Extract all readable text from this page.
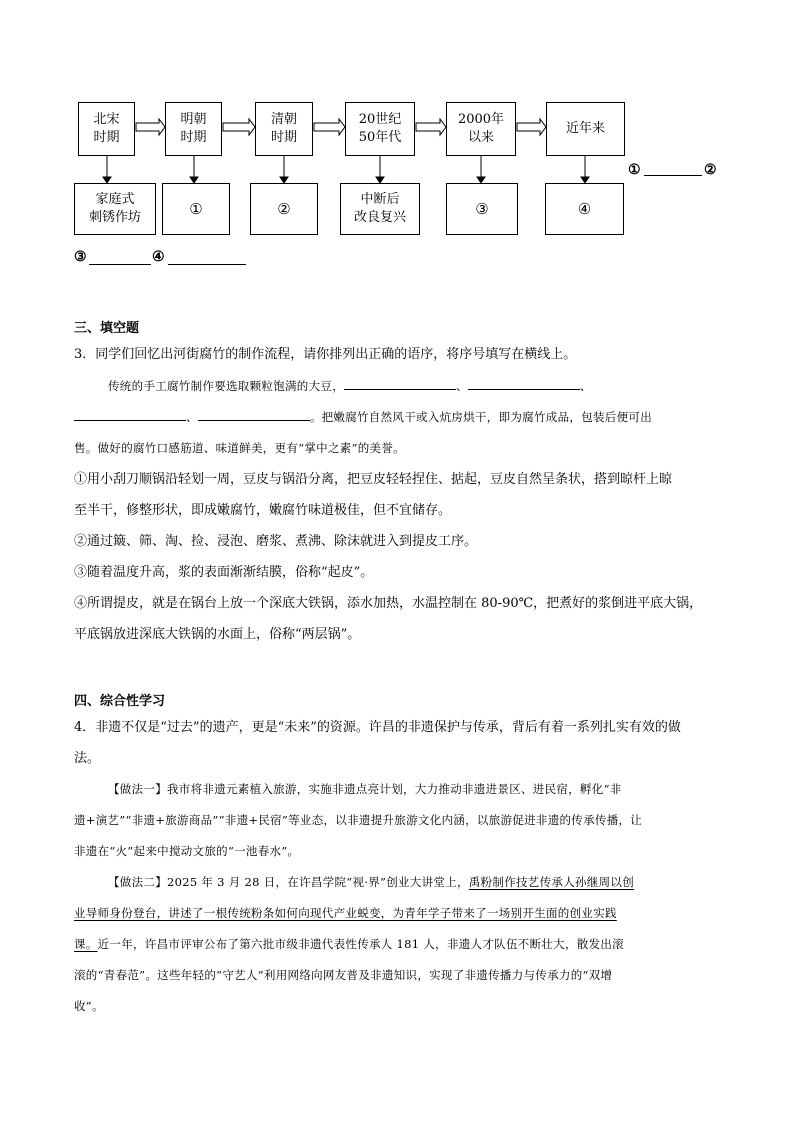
北宋
时期
明朝
时期
清朝
时期
20世纪
50年代
2000年
以来
近年来
家庭式
刺锈作坊	①	②
中断后
改良复兴	③	④
①	②
③	④
三、填空题
3．同学们回忆出河街腐竹的制作流程，请你排列出正确的语序，将序号填写在横线上。
传统的手工腐竹制作要选取颗粒饱满的大豆，	、	、
、	。把嫩腐竹自然风干或入炕房烘干，即为腐竹成品，包装后便可出
售。做好的腐竹口感筋道、味道鲜美，更有“掌中之素”的美誉。
①用小刮刀顺锅沿轻划一周，豆皮与锅沿分离，把豆皮轻轻捏住、掂起，豆皮自然呈条状，搭到晾杆上晾
至半干，修整形状，即成嫩腐竹，嫩腐竹味道极佳，但不宜储存。
②通过簸、筛、淘、捡、浸泡、磨浆、煮沸、除沫就进入到提皮工序。
③随着温度升高，浆的表面渐渐结膜，俗称“起皮”。
④所谓提皮，就是在锅台上放一个深底大铁锅，添水加热，水温控制在 80-90℃，把煮好的浆倒进平底大锅，
平底锅放进深底大铁锅的水面上，俗称“两层锅”。
四、综合性学习
4．非遗不仅是“过去”的遗产，更是“未来”的资源。许昌的非遗保护与传承，背后有着一系列扎实有效的做
法。
【做法一】我市将非遗元素植入旅游，实施非遗点亮计划，大力推动非遗进景区、进民宿，孵化“非
遗+演艺”“非遗+旅游商品”“非遗+民宿”等业态，以非遗提升旅游文化内涵，以旅游促进非遗的传承传播，让
非遗在“火”起来中搅动文旅的“一池春水”。
【做法二】2025 年 3 月 28 日，在许昌学院“视·界”创业大讲堂上，禹粉制作技艺传承人孙继周以创
业导师身份登台，讲述了一根传统粉条如何向现代产业蜕变，为青年学子带来了一场别开生面的创业实践
课。近一年，许昌市评审公布了第六批市级非遗代表性传承人 181 人，非遗人才队伍不断壮大，散发出滚
滚的“青春范”。这些年轻的“守艺人”利用网络向网友普及非遗知识，实现了非遗传播力与传承力的“双增
收”。
